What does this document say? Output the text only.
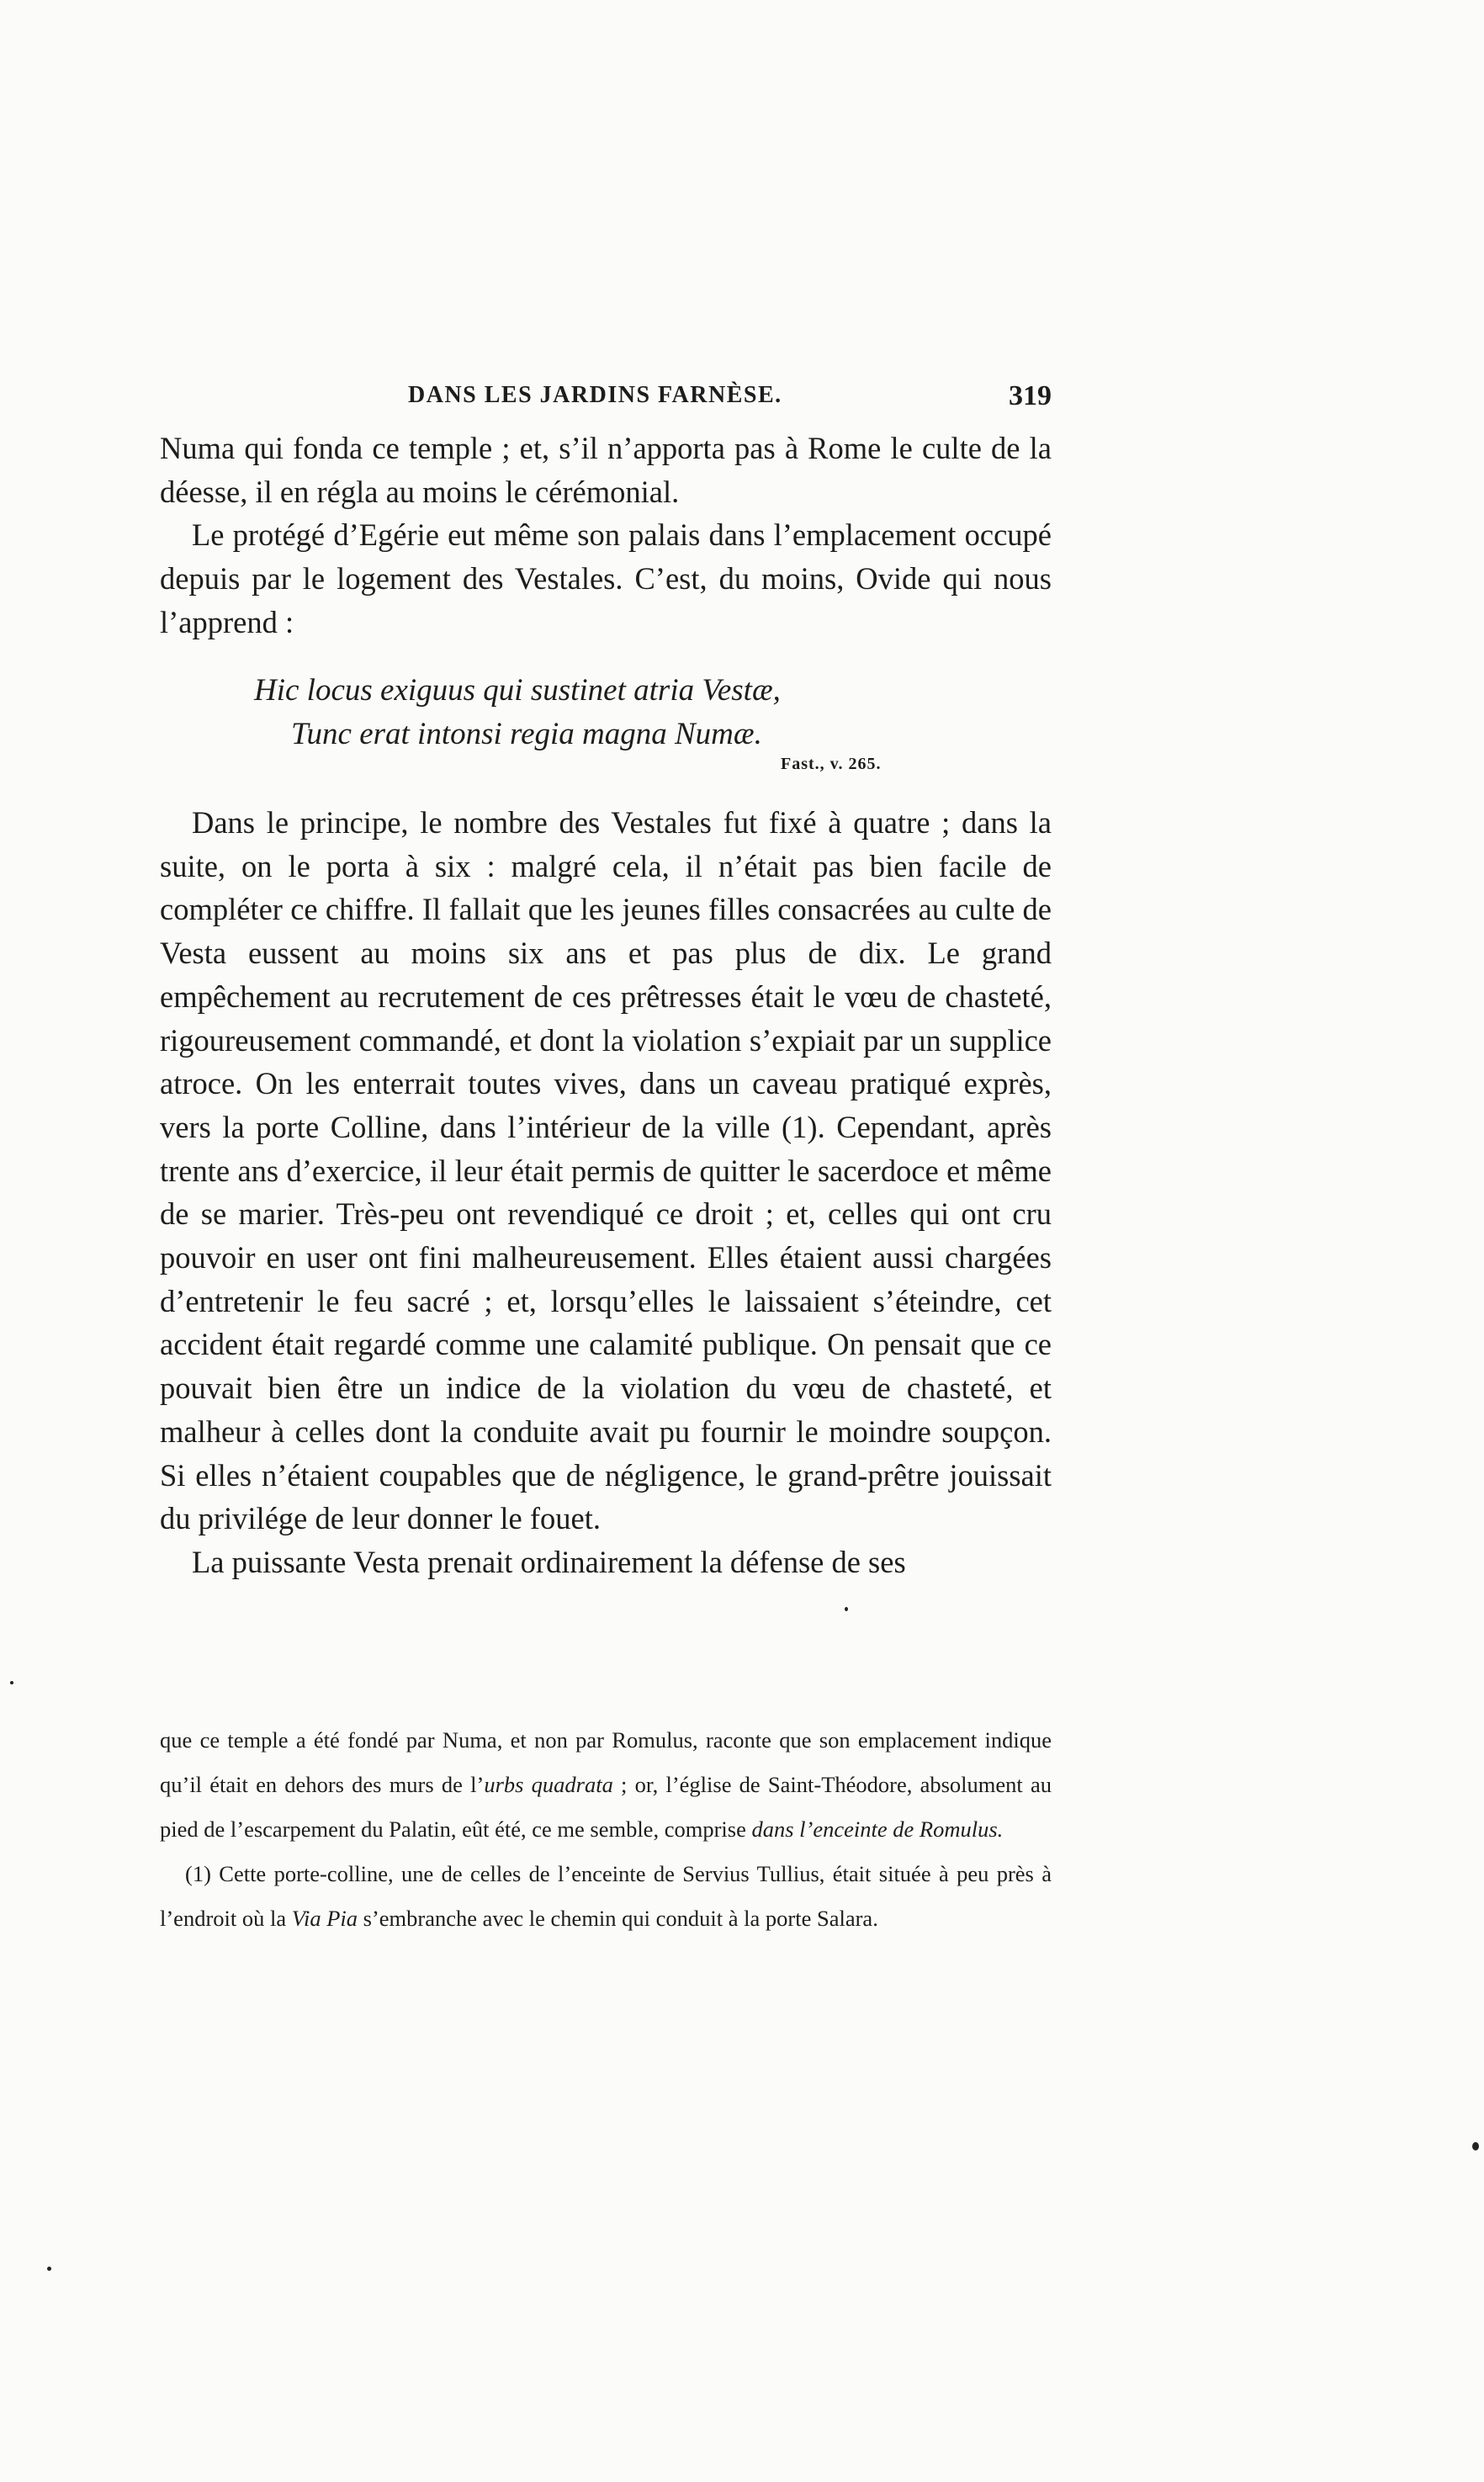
DANS LES JARDINS FARNÈSE.	319

Numa qui fonda ce temple ; et, s’il n’apporta pas à Rome le culte de la déesse, il en régla au moins le cérémonial.

Le protégé d’Egérie eut même son palais dans l’emplacement occupé depuis par le logement des Vestales. C’est, du moins, Ovide qui nous l’apprend :

Hic locus exiguus qui sustinet atria Vestæ,
Tunc erat intonsi regia magna Numæ.
Fast., v. 265.

Dans le principe, le nombre des Vestales fut fixé à quatre ; dans la suite, on le porta à six : malgré cela, il n’était pas bien facile de compléter ce chiffre. Il fallait que les jeunes filles consacrées au culte de Vesta eussent au moins six ans et pas plus de dix. Le grand empêchement au recrutement de ces prêtresses était le vœu de chasteté, rigoureusement commandé, et dont la violation s’expiait par un supplice atroce. On les enterrait toutes vives, dans un caveau pratiqué exprès, vers la porte Colline, dans l’intérieur de la ville (1). Cependant, après trente ans d’exercice, il leur était permis de quitter le sacerdoce et même de se marier. Très-peu ont revendiqué ce droit ; et, celles qui ont cru pouvoir en user ont fini malheureusement. Elles étaient aussi chargées d’entretenir le feu sacré ; et, lorsqu’elles le laissaient s’éteindre, cet accident était regardé comme une calamité publique. On pensait que ce pouvait bien être un indice de la violation du vœu de chasteté, et malheur à celles dont la conduite avait pu fournir le moindre soupçon. Si elles n’étaient coupables que de négligence, le grand-prêtre jouissait du privilége de leur donner le fouet.

La puissante Vesta prenait ordinairement la défense de ses

que ce temple a été fondé par Numa, et non par Romulus, raconte que son emplacement indique qu’il était en dehors des murs de l’urbs quadrata ; or, l’église de Saint-Théodore, absolument au pied de l’escarpement du Palatin, eût été, ce me semble, comprise dans l’enceinte de Romulus.

(1) Cette porte-colline, une de celles de l’enceinte de Servius Tullius, était située à peu près à l’endroit où la Via Pia s’embranche avec le chemin qui conduit à la porte Salara.
